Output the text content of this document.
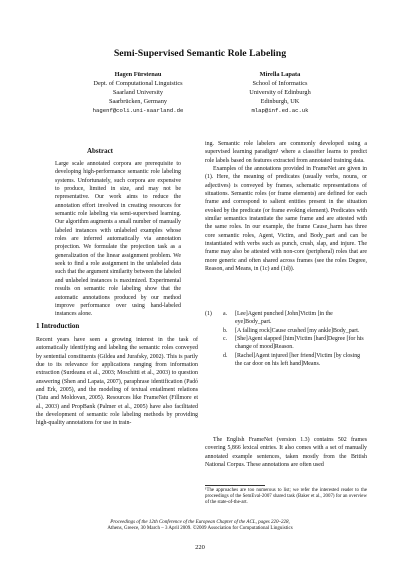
Semi-Supervised Semantic Role Labeling
Hagen Fürstenau
Dept. of Computational Linguistics
Saarland University
Saarbrücken, Germany
hagenf@coli.uni-saarland.de
Mirella Lapata
School of Informatics
University of Edinburgh
Edinburgh, UK
mlap@inf.ed.ac.uk
Abstract
Large scale annotated corpora are prerequisite to developing high-performance semantic role labeling systems. Unfortunately, such corpora are expensive to produce, limited in size, and may not be representative. Our work aims to reduce the annotation effort involved in creating resources for semantic role labeling via semi-supervised learning. Our algorithm augments a small number of manually labeled instances with unlabeled examples whose roles are inferred automatically via annotation projection. We formulate the projection task as a generalization of the linear assignment problem. We seek to find a role assignment in the unlabeled data such that the argument similarity between the labeled and unlabeled instances is maximized. Experimental results on semantic role labeling show that the automatic annotations produced by our method improve performance over using hand-labeled instances alone.
1 Introduction
Recent years have seen a growing interest in the task of automatically identifying and labeling the semantic roles conveyed by sentential constituents (Gildea and Jurafsky, 2002). This is partly due to its relevance for applications ranging from information extraction (Surdeanu et al., 2003; Moschitti et al., 2003) to question answering (Shen and Lapata, 2007), paraphrase identification (Padó and Erk, 2005), and the modeling of textual entailment relations (Tatu and Moldovan, 2005). Resources like FrameNet (Fillmore et al., 2003) and PropBank (Palmer et al., 2005) have also facilitated the development of semantic role labeling methods by providing high-quality annotations for use in train-

ing. Semantic role labelers are commonly developed using a supervised learning paradigm¹ where a classifier learns to predict role labels based on features extracted from annotated training data.

Examples of the annotations provided in FrameNet are given in (1). Here, the meaning of predicates (usually verbs, nouns, or adjectives) is conveyed by frames, schematic representations of situations. Semantic roles (or frame elements) are defined for each frame and correspond to salient entities present in the situation evoked by the predicate (or frame evoking element). Predicates with similar semantics instantiate the same frame and are attested with the same roles. In our example, the frame Cause_harm has three core semantic roles, Agent, Victim, and Body_part and can be instantiated with verbs such as punch, crush, slap, and injure. The frame may also be attested with non-core (peripheral) roles that are more generic and often shared across frames (see the roles Degree, Reason, and Means, in (1c) and (1d)).

(1)	a.	[Lee]Agent punched [John]Victim [in the eye]Body_part.
b.	[A falling rock]Cause crushed [my ankle]Body_part.
c.	[She]Agent slapped [him]Victim [hard]Degree [for his change of mood]Reason.
d.	[Rachel]Agent injured [her friend]Victim [by closing the car door on his left hand]Means.

The English FrameNet (version 1.3) contains 502 frames covering 5,866 lexical entries. It also comes with a set of manually annotated example sentences, taken mostly from the British National Corpus. These annotations are often used

¹The approaches are too numerous to list; we refer the interested reader to the proceedings of the SemEval-2007 shared task (Baker et al., 2007) for an overview of the state-of-the-art.
Proceedings of the 12th Conference of the European Chapter of the ACL, pages 220–228,
Athens, Greece, 30 March – 3 April 2009. ©2009 Association for Computational Linguistics
220
